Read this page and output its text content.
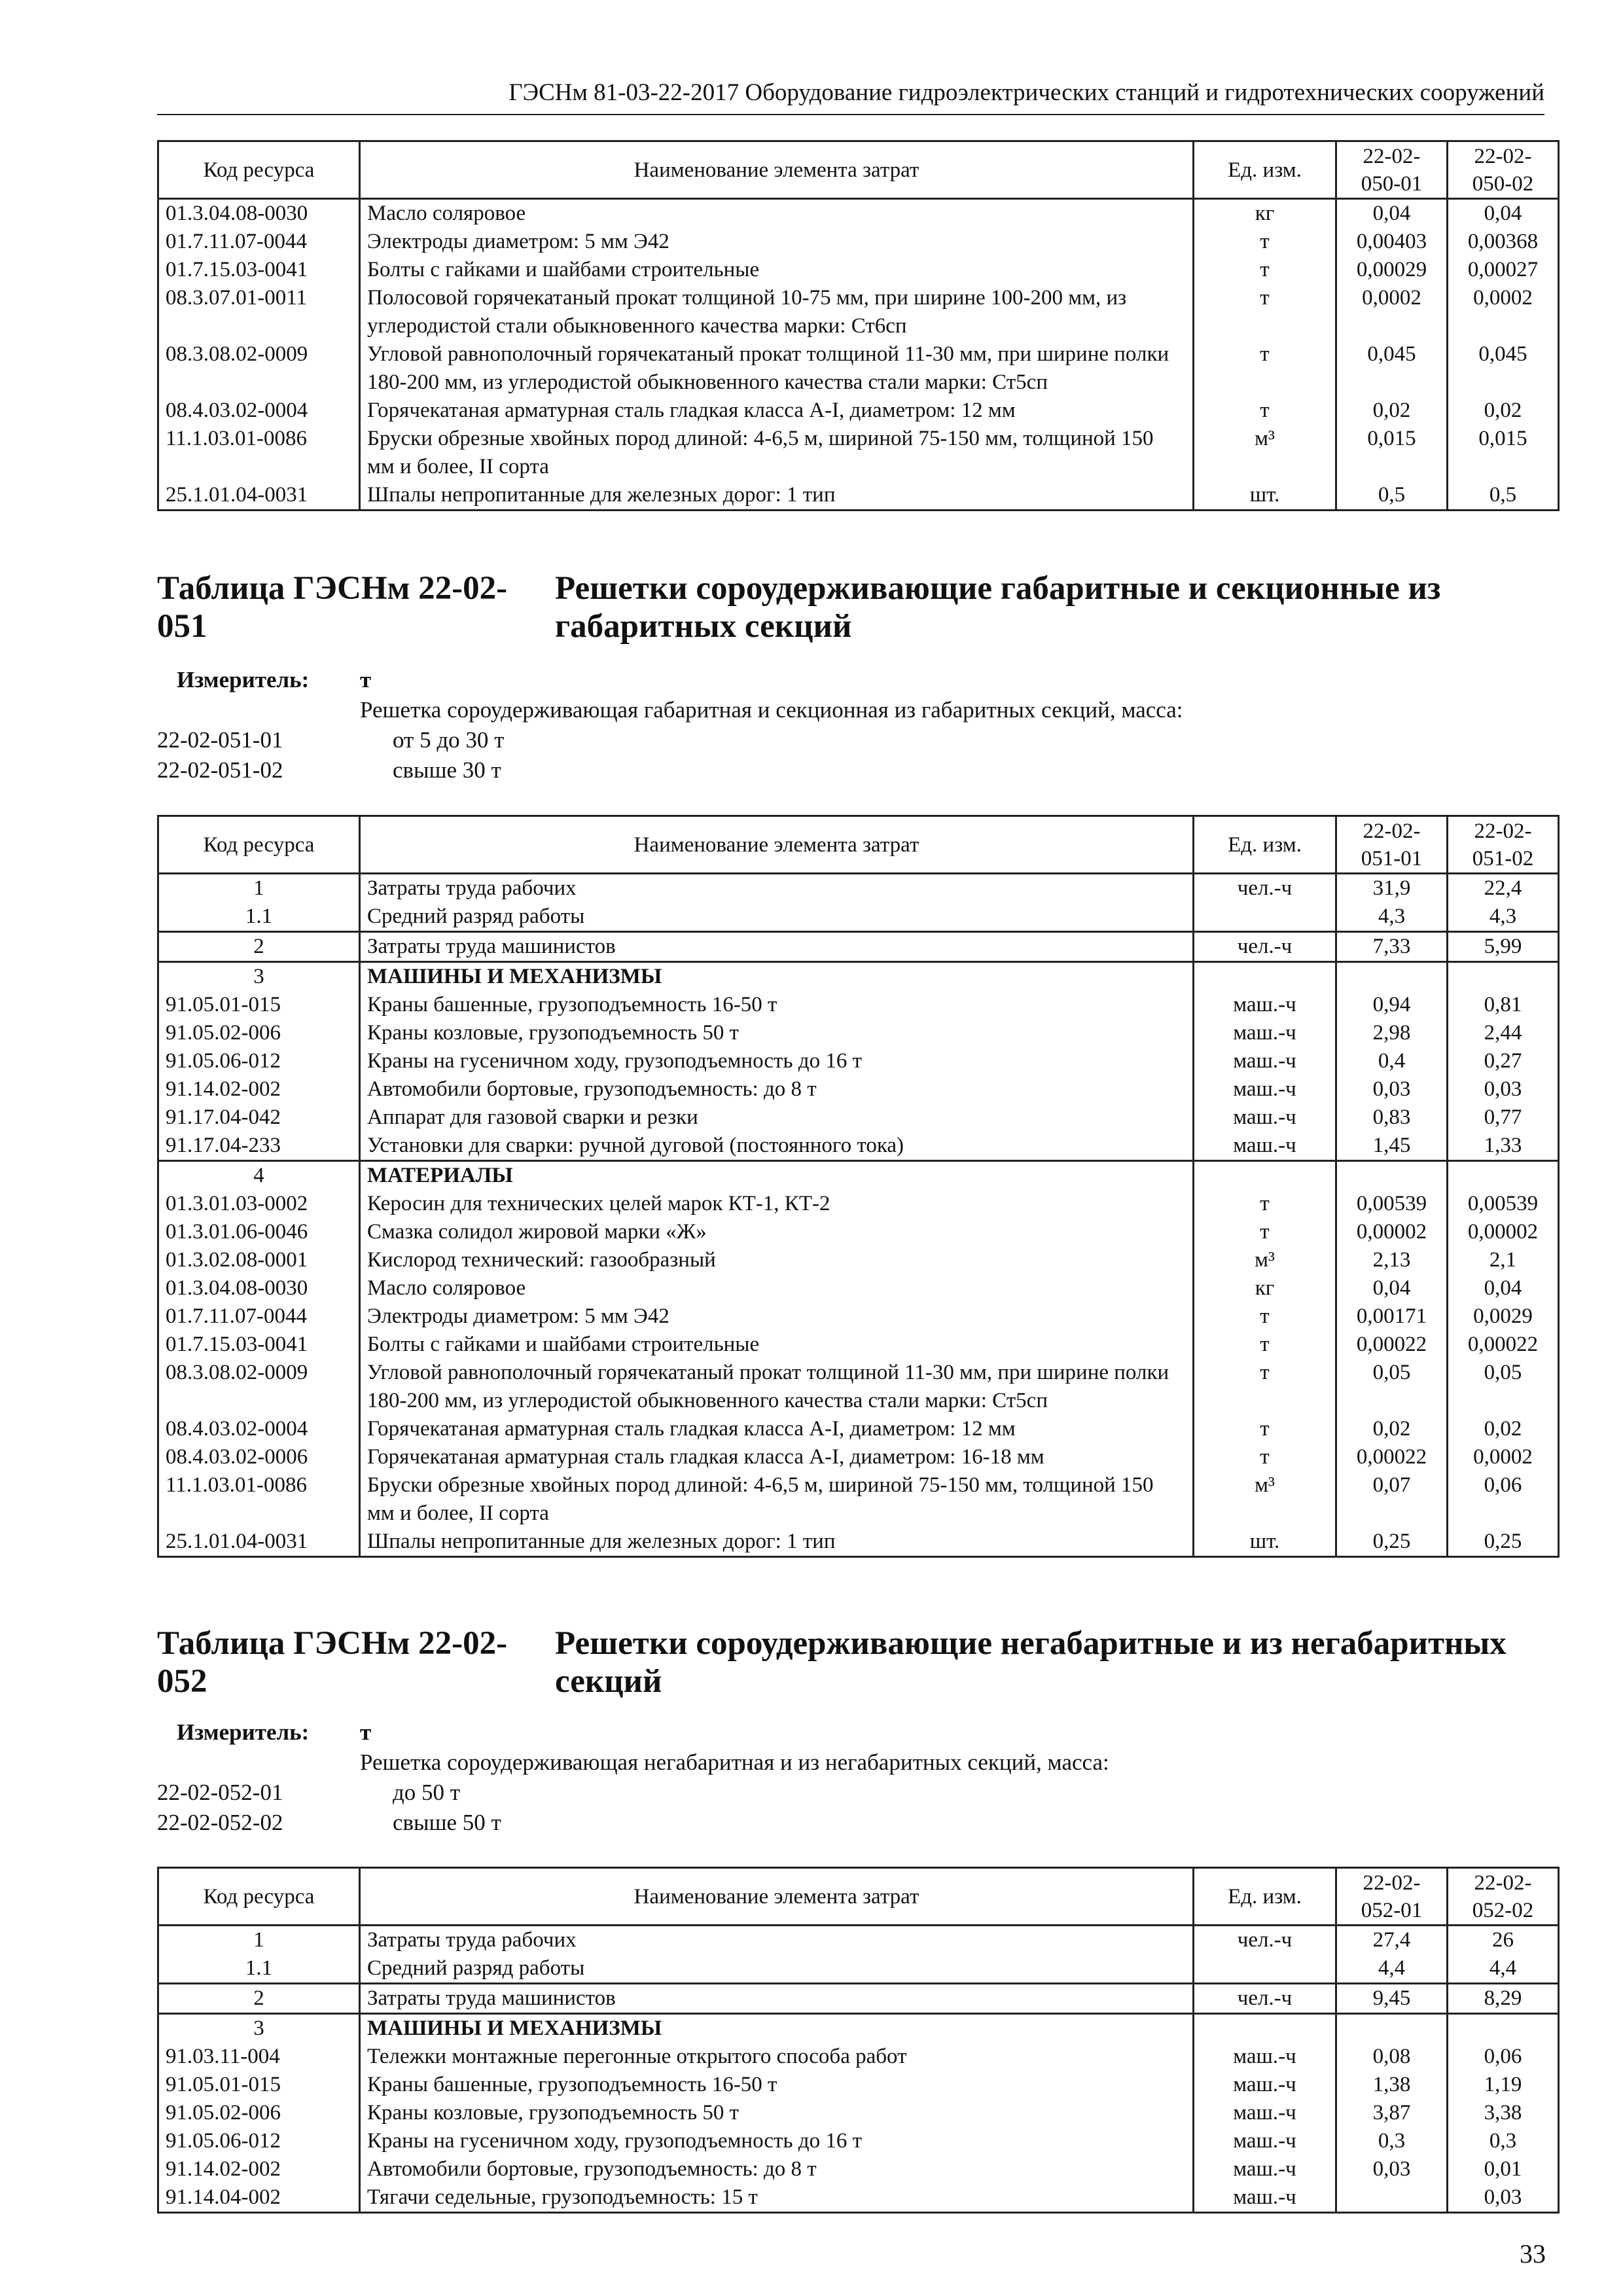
ГЭСНм 81-03-22-2017 Оборудование гидроэлектрических станций и гидротехнических сооружений
Код ресурса	Наименование элемента затрат	Ед. изм.	22-02-050-01	22-02-050-02
01.3.04.08-0030	Масло соляровое	кг	0,04	0,04
01.7.11.07-0044	Электроды диаметром: 5 мм Э42	т	0,00403	0,00368
01.7.15.03-0041	Болты с гайками и шайбами строительные	т	0,00029	0,00027
08.3.07.01-0011	Полосовой горячекатаный прокат толщиной 10-75 мм, при ширине 100-200 мм, из углеродистой стали обыкновенного качества марки: Ст6сп	т	0,0002	0,0002
08.3.08.02-0009	Угловой равнополочный горячекатаный прокат толщиной 11-30 мм, при ширине полки 180-200 мм, из углеродистой обыкновенного качества стали марки: Ст5сп	т	0,045	0,045
08.4.03.02-0004	Горячекатаная арматурная сталь гладкая класса А-I, диаметром: 12 мм	т	0,02	0,02
11.1.03.01-0086	Бруски обрезные хвойных пород длиной: 4-6,5 м, шириной 75-150 мм, толщиной 150 мм и более, II сорта	м³	0,015	0,015
25.1.01.04-0031	Шпалы непропитанные для железных дорог: 1 тип	шт.	0,5	0,5
Таблица ГЭСНм 22-02-051
Решетки сороудерживающие габаритные и секционные из габаритных секций
Измеритель: т
Решетка сороудерживающая габаритная и секционная из габаритных секций, масса:
22-02-051-01	от 5 до 30 т
22-02-051-02	свыше 30 т
Код ресурса	Наименование элемента затрат	Ед. изм.	22-02-051-01	22-02-051-02
1	Затраты труда рабочих	чел.-ч	31,9	22,4
1.1	Средний разряд работы		4,3	4,3
2	Затраты труда машинистов	чел.-ч	7,33	5,99
3	МАШИНЫ И МЕХАНИЗМЫ			
91.05.01-015	Краны башенные, грузоподъемность 16-50 т	маш.-ч	0,94	0,81
91.05.02-006	Краны козловые, грузоподъемность 50 т	маш.-ч	2,98	2,44
91.05.06-012	Краны на гусеничном ходу, грузоподъемность до 16 т	маш.-ч	0,4	0,27
91.14.02-002	Автомобили бортовые, грузоподъемность: до 8 т	маш.-ч	0,03	0,03
91.17.04-042	Аппарат для газовой сварки и резки	маш.-ч	0,83	0,77
91.17.04-233	Установки для сварки: ручной дуговой (постоянного тока)	маш.-ч	1,45	1,33
4	МАТЕРИАЛЫ			
01.3.01.03-0002	Керосин для технических целей марок КТ-1, КТ-2	т	0,00539	0,00539
01.3.01.06-0046	Смазка солидол жировой марки «Ж»	т	0,00002	0,00002
01.3.02.08-0001	Кислород технический: газообразный	м³	2,13	2,1
01.3.04.08-0030	Масло соляровое	кг	0,04	0,04
01.7.11.07-0044	Электроды диаметром: 5 мм Э42	т	0,00171	0,0029
01.7.15.03-0041	Болты с гайками и шайбами строительные	т	0,00022	0,00022
08.3.08.02-0009	Угловой равнополочный горячекатаный прокат толщиной 11-30 мм, при ширине полки 180-200 мм, из углеродистой обыкновенного качества стали марки: Ст5сп	т	0,05	0,05
08.4.03.02-0004	Горячекатаная арматурная сталь гладкая класса А-I, диаметром: 12 мм	т	0,02	0,02
08.4.03.02-0006	Горячекатаная арматурная сталь гладкая класса А-I, диаметром: 16-18 мм	т	0,00022	0,0002
11.1.03.01-0086	Бруски обрезные хвойных пород длиной: 4-6,5 м, шириной 75-150 мм, толщиной 150 мм и более, II сорта	м³	0,07	0,06
25.1.01.04-0031	Шпалы непропитанные для железных дорог: 1 тип	шт.	0,25	0,25
Таблица ГЭСНм 22-02-052
Решетки сороудерживающие негабаритные и из негабаритных секций
Измеритель: т
Решетка сороудерживающая негабаритная и из негабаритных секций, масса:
22-02-052-01	до 50 т
22-02-052-02	свыше 50 т
Код ресурса	Наименование элемента затрат	Ед. изм.	22-02-052-01	22-02-052-02
1	Затраты труда рабочих	чел.-ч	27,4	26
1.1	Средний разряд работы		4,4	4,4
2	Затраты труда машинистов	чел.-ч	9,45	8,29
3	МАШИНЫ И МЕХАНИЗМЫ			
91.03.11-004	Тележки монтажные перегонные открытого способа работ	маш.-ч	0,08	0,06
91.05.01-015	Краны башенные, грузоподъемность 16-50 т	маш.-ч	1,38	1,19
91.05.02-006	Краны козловые, грузоподъемность 50 т	маш.-ч	3,87	3,38
91.05.06-012	Краны на гусеничном ходу, грузоподъемность до 16 т	маш.-ч	0,3	0,3
91.14.02-002	Автомобили бортовые, грузоподъемность: до 8 т	маш.-ч	0,03	0,01
91.14.04-002	Тягачи седельные, грузоподъемность: 15 т	маш.-ч		0,03
33
